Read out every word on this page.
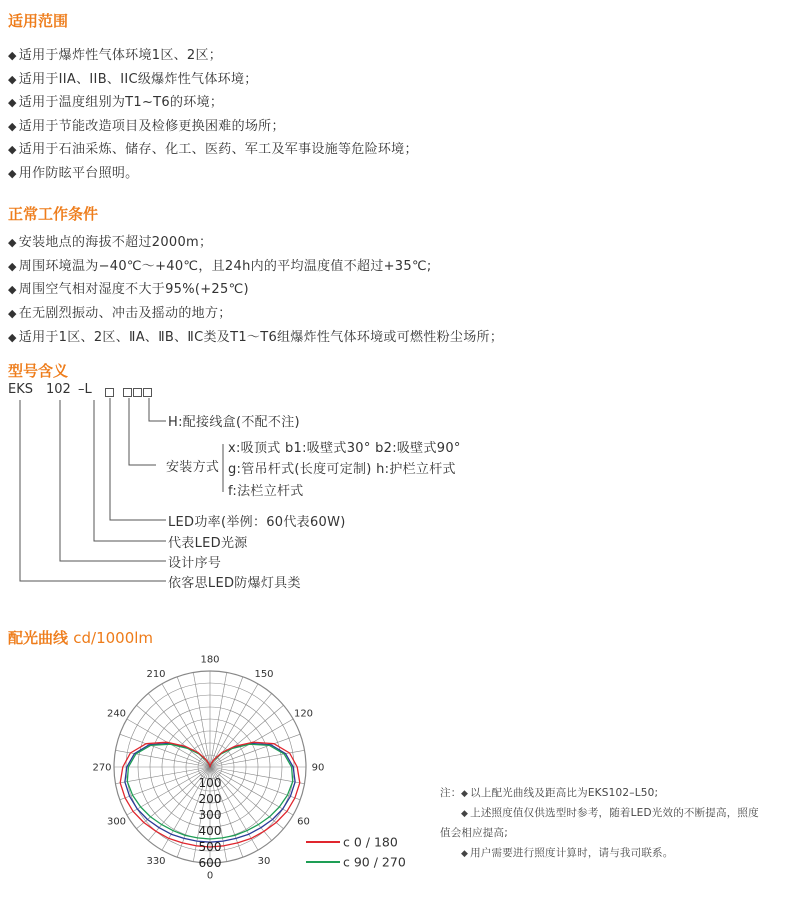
适用范围
◆ 适用于爆炸性气体环境1区、2区；
◆ 适用于IIA、IIB、IIC级爆炸性气体环境；
◆ 适用于温度组别为T1~T6的环境；
◆ 适用于节能改造项目及检修更换困难的场所；
◆ 适用于石油采炼、储存、化工、医药、军工及军事设施等危险环境；
◆ 用作防眩平台照明。
正常工作条件
◆ 安装地点的海拔不超过2000m；
◆ 周围环境温为−40℃～+40℃，且24h内的平均温度值不超过+35℃;
◆ 周围空气相对湿度不大于95%(+25℃)
◆ 在无剧烈振动、冲击及摇动的地方；
◆ 适用于1区、2区、ⅡA、ⅡB、ⅡC类及T1～T6组爆炸性气体环境或可燃性粉尘场所；
型号含义
EKS 102 –L
H:配接线盒(不配不注)
安装方式
x:吸顶式 b1:吸壁式30° b2:吸壁式90°
g:管吊杆式(长度可定制) h:护栏立杆式
f:法栏立杆式
LED功率(举例：60代表60W)
代表LED光源
设计序号
依客思LED防爆灯具类
配光曲线 cd/1000lm
180
150
120
90
60
30
0
330
300
270
240
210
100
200
300
400
500
600
c 0 / 180
c 90 / 270
注：
◆ 以上配光曲线及距高比为EKS102–L50;
◆ 上述照度值仅供选型时参考，随着LED光效的不断提高，照度
值会相应提高;
◆ 用户需要进行照度计算时，请与我司联系。
